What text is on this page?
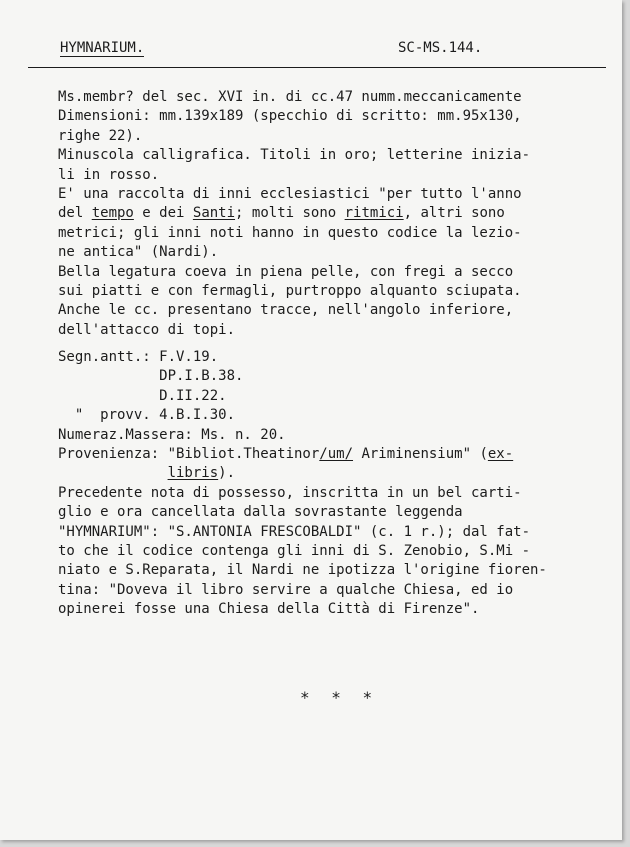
HYMNARIUM.	SC-MS.144.
Ms.membr? del sec. XVI in. di cc.47 numm.meccanicamente
Dimensioni: mm.139x189 (specchio di scritto: mm.95x130,
righe 22).
Minuscola calligrafica. Titoli in oro; letterine inizia-
li in rosso.
E' una raccolta di inni ecclesiastici "per tutto l'anno
del tempo e dei Santi; molti sono ritmici, altri sono
metrici; gli inni noti hanno in questo codice la lezio-
ne antica" (Nardi).
Bella legatura coeva in piena pelle, con fregi a secco
sui piatti e con fermagli, purtroppo alquanto sciupata.
Anche le cc. presentano tracce, nell'angolo inferiore,
dell'attacco di topi.
Segn.antt.: F.V.19.
DP.I.B.38.
D.II.22.
"  provv. 4.B.I.30.
Numeraz.Massera: Ms. n. 20.
Provenienza: "Bibliot.Theatinor/um/ Ariminensium" (ex-
libris).
Precedente nota di possesso, inscritta in un bel carti-
glio e ora cancellata dalla sovrastante leggenda
"HYMNARIUM": "S.ANTONIA FRESCOBALDI" (c. 1 r.); dal fat-
to che il codice contenga gli inni di S. Zenobio, S.Mi -
niato e S.Reparata, il Nardi ne ipotizza l'origine fioren-
tina: "Doveva il libro servire a qualche Chiesa, ed io
opinerei fosse una Chiesa della Città di Firenze".
* * *
